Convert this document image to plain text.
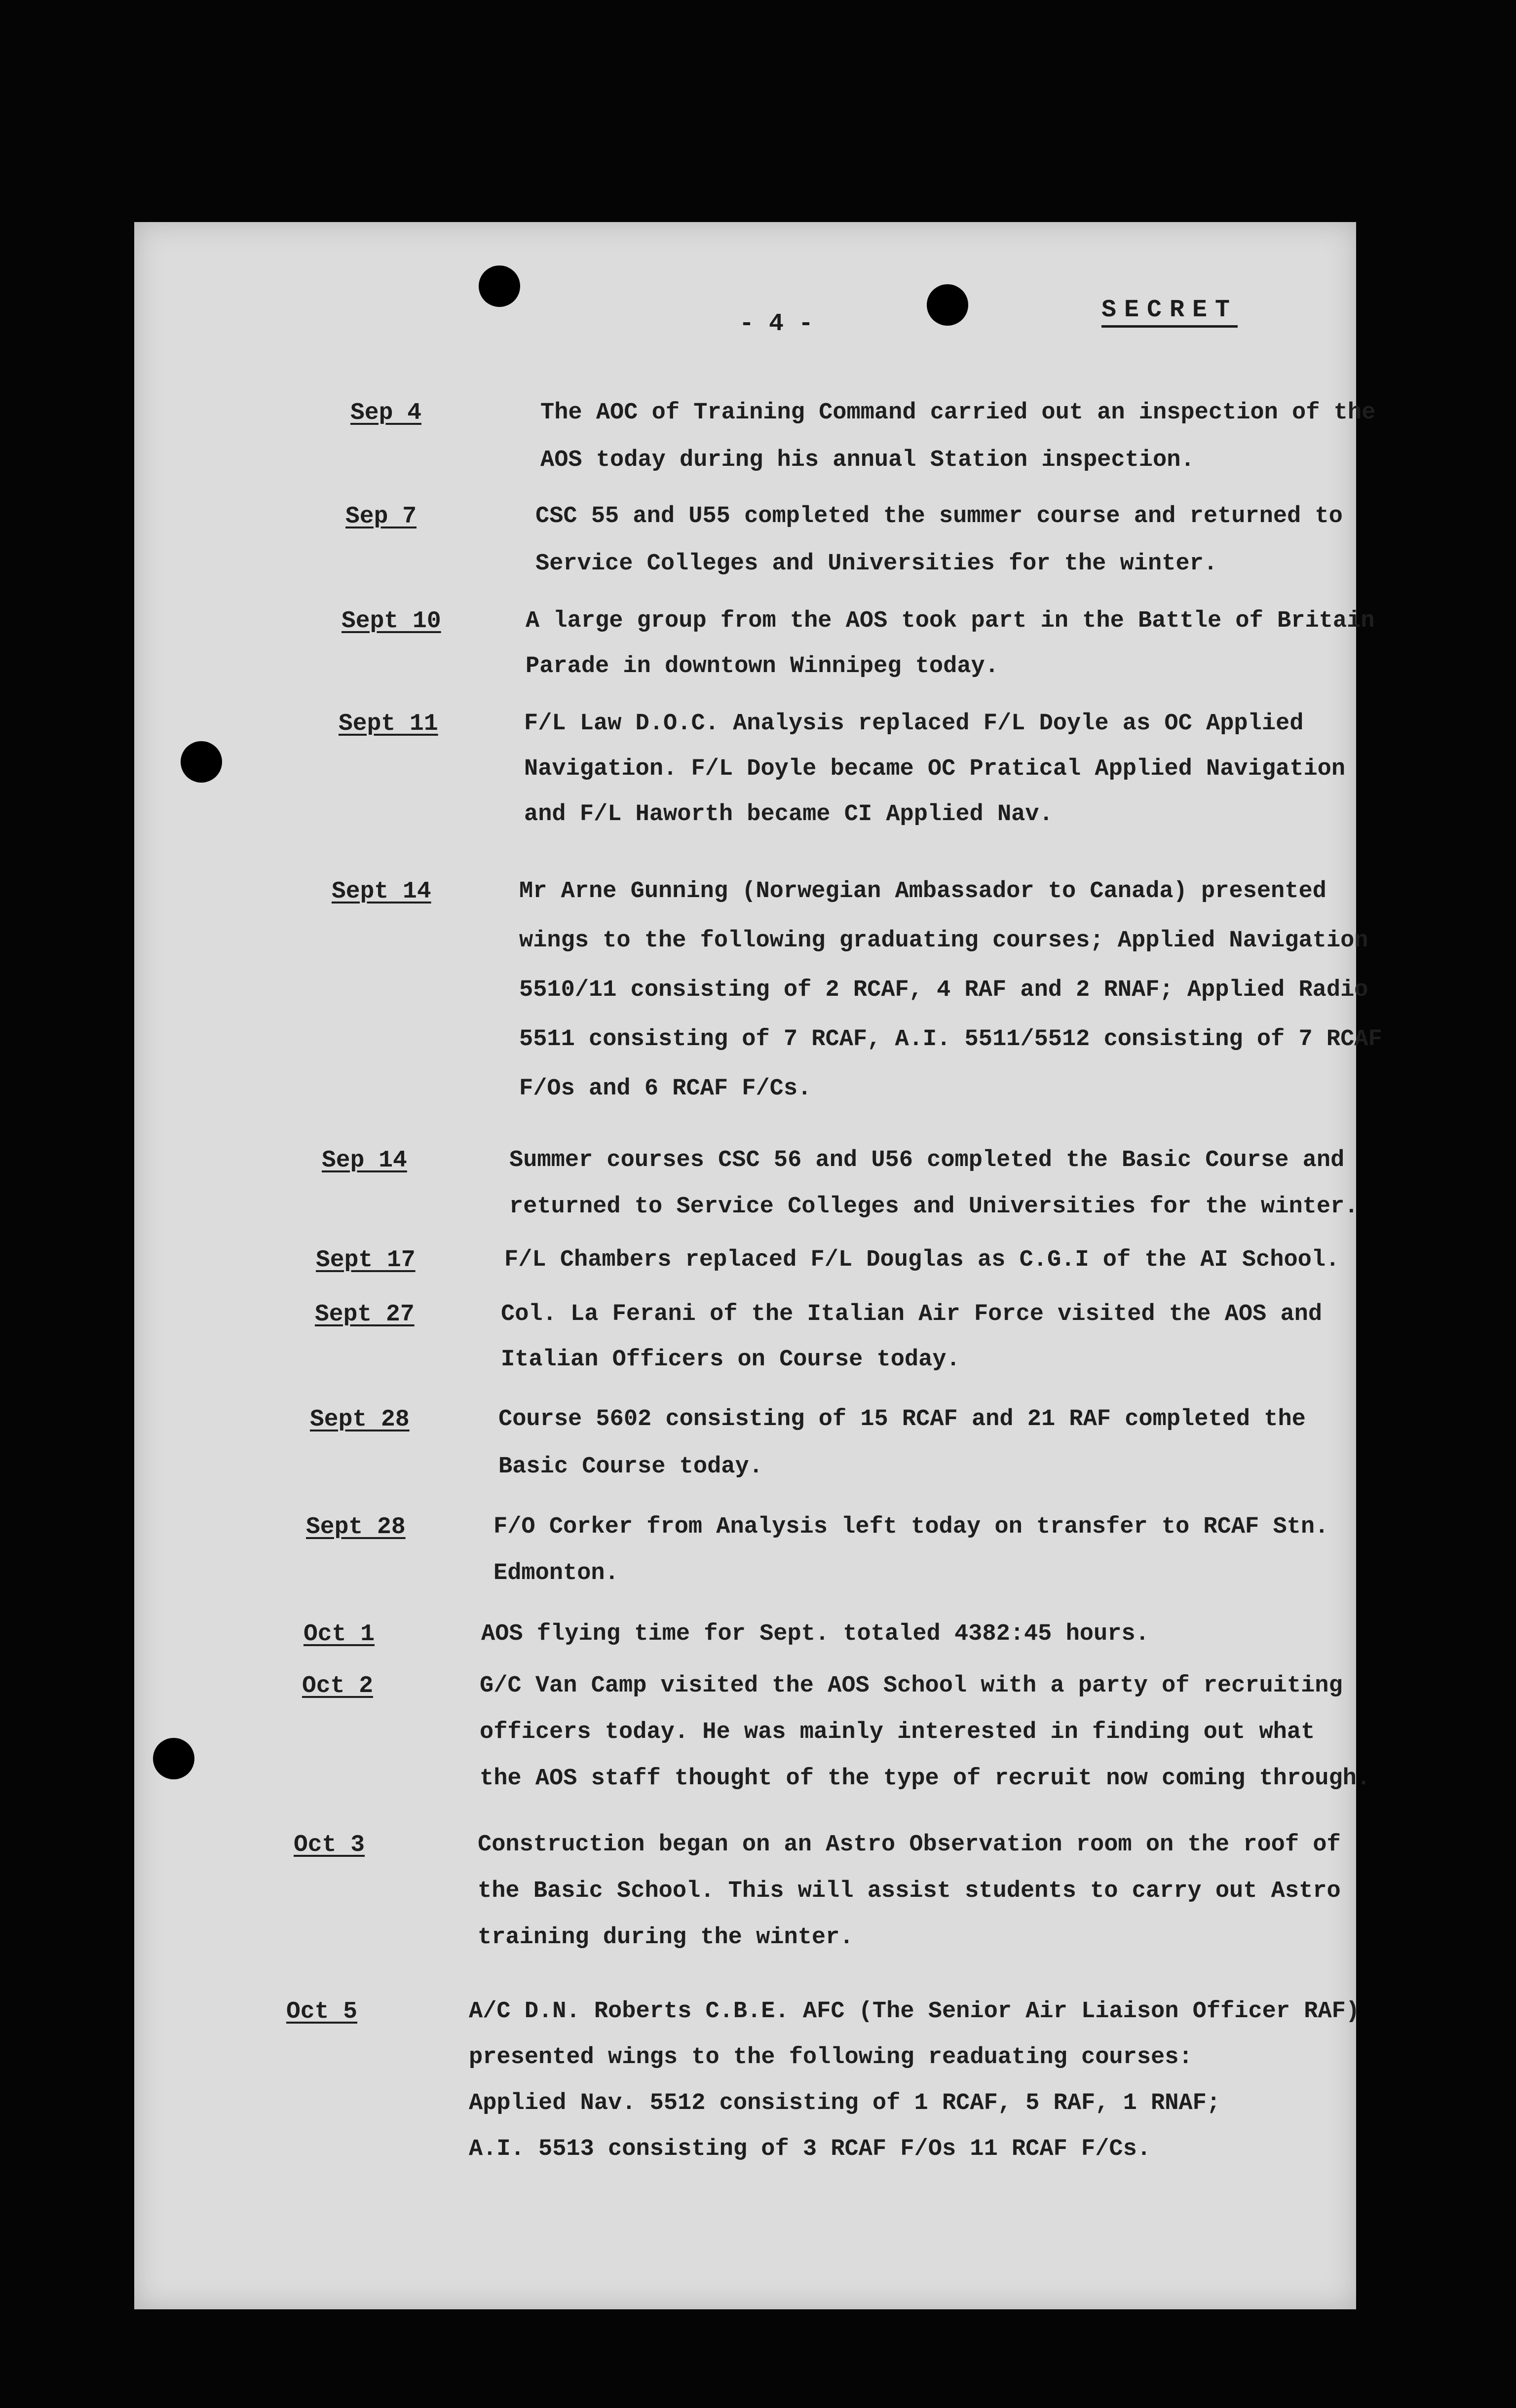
- 4 -	SECRET
Sep 4	The AOC of Training Command carried out an inspection of the
AOS today during his annual Station inspection.
Sep 7	CSC 55 and U55 completed the summer course and returned to
Service Colleges and Universities for the winter.
Sept 10	A large group from the AOS took part in the Battle of Britain
Parade in downtown Winnipeg today.
Sept 11	F/L Law D.O.C. Analysis replaced F/L Doyle as OC Applied
Navigation. F/L Doyle became OC Pratical Applied Navigation
and F/L Haworth became CI Applied Nav.
Sept 14	Mr Arne Gunning (Norwegian Ambassador to Canada) presented
wings to the following graduating courses; Applied Navigation
5510/11 consisting of 2 RCAF, 4 RAF and 2 RNAF; Applied Radio
5511 consisting of 7 RCAF, A.I. 5511/5512 consisting of 7 RCAF
F/Os and 6 RCAF F/Cs.
Sep 14	Summer courses CSC 56 and U56 completed the Basic Course and
returned to Service Colleges and Universities for the winter.
Sept 17	F/L Chambers replaced F/L Douglas as C.G.I of the AI School.
Sept 27	Col. La Ferani of the Italian Air Force visited the AOS and
Italian Officers on Course today.
Sept 28	Course 5602 consisting of 15 RCAF and 21 RAF completed the
Basic Course today.
Sept 28	F/O Corker from Analysis left today on transfer to RCAF Stn.
Edmonton.
Oct 1	AOS flying time for Sept. totaled 4382:45 hours.
Oct 2	G/C Van Camp visited the AOS School with a party of recruiting
officers today. He was mainly interested in finding out what
the AOS staff thought of the type of recruit now coming through.
Oct 3	Construction began on an Astro Observation room on the roof of
the Basic School. This will assist students to carry out Astro
training during the winter.
Oct 5	A/C D.N. Roberts C.B.E. AFC (The Senior Air Liaison Officer RAF)
presented wings to the following readuating courses:
Applied Nav. 5512 consisting of 1 RCAF, 5 RAF, 1 RNAF;
A.I. 5513 consisting of 3 RCAF F/Os 11 RCAF F/Cs.
